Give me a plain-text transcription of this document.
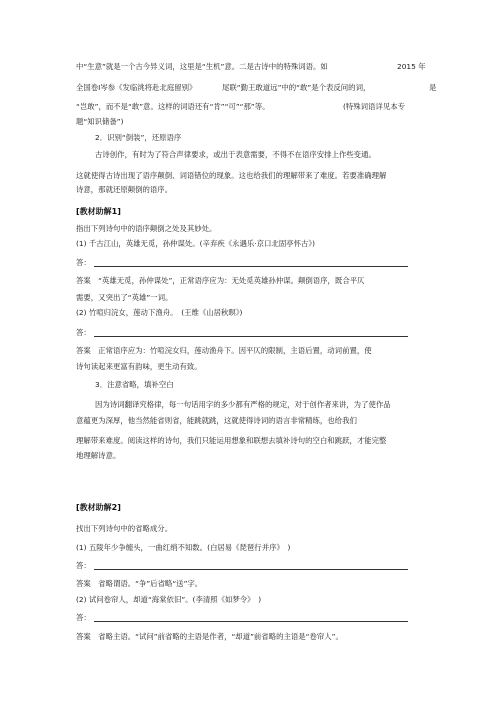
中“生意”就是一个古今异义词，这里是“生机”意。二是古诗中的特殊词语。如	2015 年
全国卷Ⅰ岑参《发临洮将赴北庭留别》	尾联“勤王敢道远”中的“敢”是个表反问的词，	是
“岂敢”，而不是“敢”意。这样的词语还有“肯”“可”“那”等。	(特殊词语详见本专
题“知识储备”)
2．识别“倒装”，还原语序
古诗创作，有时为了符合声律要求，或出于表意需要，不得不在语序安排上作些变通。
这就使得古诗出现了语序颠倒、词语错位的现象。这也给我们的理解带来了难度。若要准确理解
诗意，那就还原颠倒的语序。
[教材助解1]
指出下列诗句中的语序颠倒之处及其妙处。
(1) 千古江山，英雄无觅，孙仲谋处。(辛弃疾《永遇乐·京口北固亭怀古》)
答：
答案　“英雄无觅，孙仲谋处”，正常语序应为：无处觅英雄孙仲谋。颠倒语序，既合平仄
需要，又突出了“英雄”一词。
(2) 竹喧归浣女，莲动下渔舟。　(王维《山居秋暝》)
答：
答案　正常语序应为：竹喧浣女归，莲动渔舟下。因平仄的限制，主语后置，动词前置，使
诗句读起来更富有韵味，更生动有致。
3．注意省略，填补空白
因为诗词翻译究格律，每一句话用字的多少都有严格的规定，对于创作者来讲，为了使作品
意蕴更为深厚，他当然能省则省，能跳就跳，这就使得诗词的语言非常精练，也给我们
理解带来难度。阅读这样的诗句，我们只能运用想象和联想去填补诗句的空白和跳跃，才能完整
地理解诗意。
[教材助解2]
找出下列诗句中的省略成分。
(1) 五陵年少争缠头，一曲红绡不知数。(白居易《琵琶行并序》　)
答：
答案　省略谓语。“争”后省略“送”字。
(2) 试问卷帘人，却道“海棠依旧”。(李清照《如梦令》　)
答：
答案　省略主语。“试问”前省略的主语是作者，“却道”前省略的主语是“卷帘人”。
